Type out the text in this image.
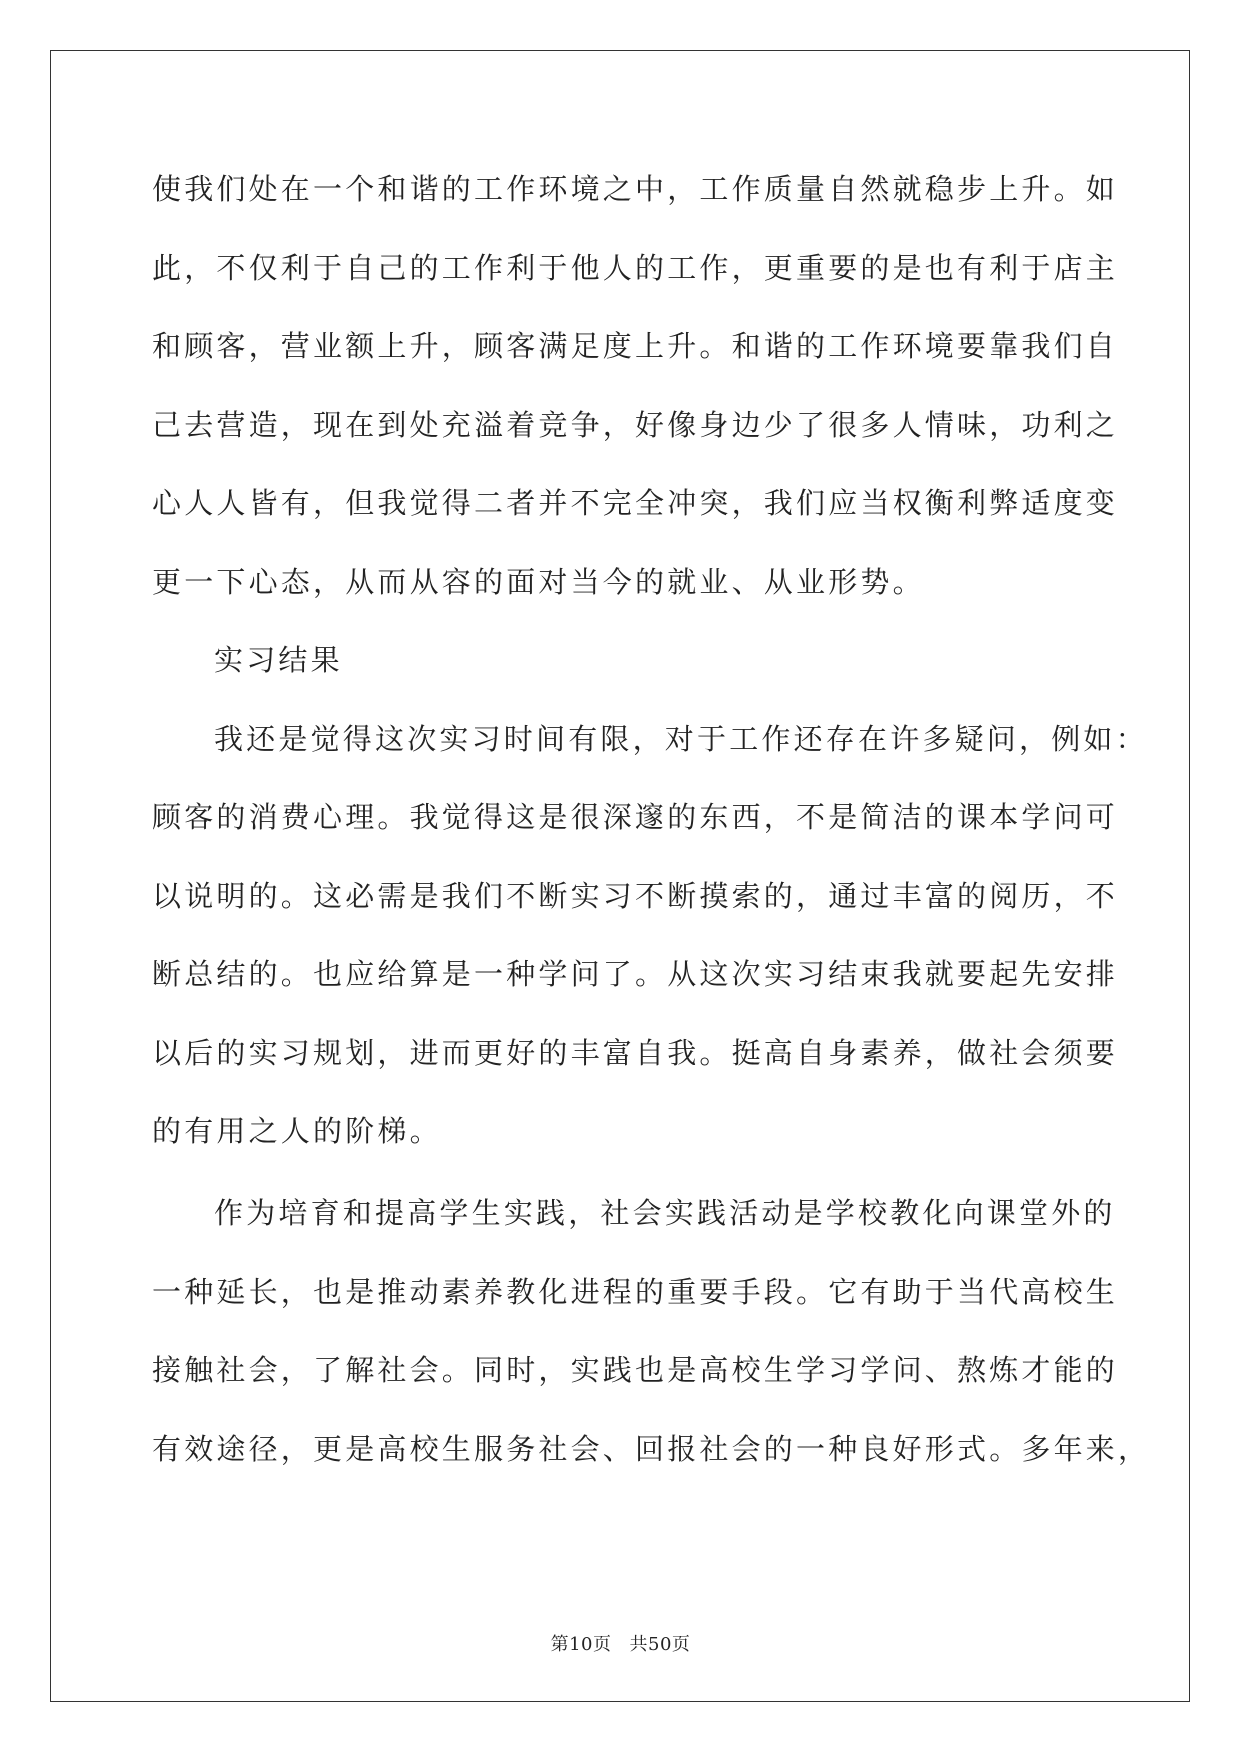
使我们处在一个和谐的工作环境之中，工作质量自然就稳步上升。如
此，不仅利于自己的工作利于他人的工作，更重要的是也有利于店主
和顾客，营业额上升，顾客满足度上升。和谐的工作环境要靠我们自
己去营造，现在到处充溢着竞争，好像身边少了很多人情味，功利之
心人人皆有，但我觉得二者并不完全冲突，我们应当权衡利弊适度变
更一下心态，从而从容的面对当今的就业、从业形势。
实习结果
我还是觉得这次实习时间有限，对于工作还存在许多疑问，例如：
顾客的消费心理。我觉得这是很深邃的东西，不是简洁的课本学问可
以说明的。这必需是我们不断实习不断摸索的，通过丰富的阅历，不
断总结的。也应给算是一种学问了。从这次实习结束我就要起先安排
以后的实习规划，进而更好的丰富自我。挺高自身素养，做社会须要
的有用之人的阶梯。
作为培育和提高学生实践，社会实践活动是学校教化向课堂外的
一种延长，也是推动素养教化进程的重要手段。它有助于当代高校生
接触社会，了解社会。同时，实践也是高校生学习学问、熬炼才能的
有效途径，更是高校生服务社会、回报社会的一种良好形式。多年来，
第10页 共50页
